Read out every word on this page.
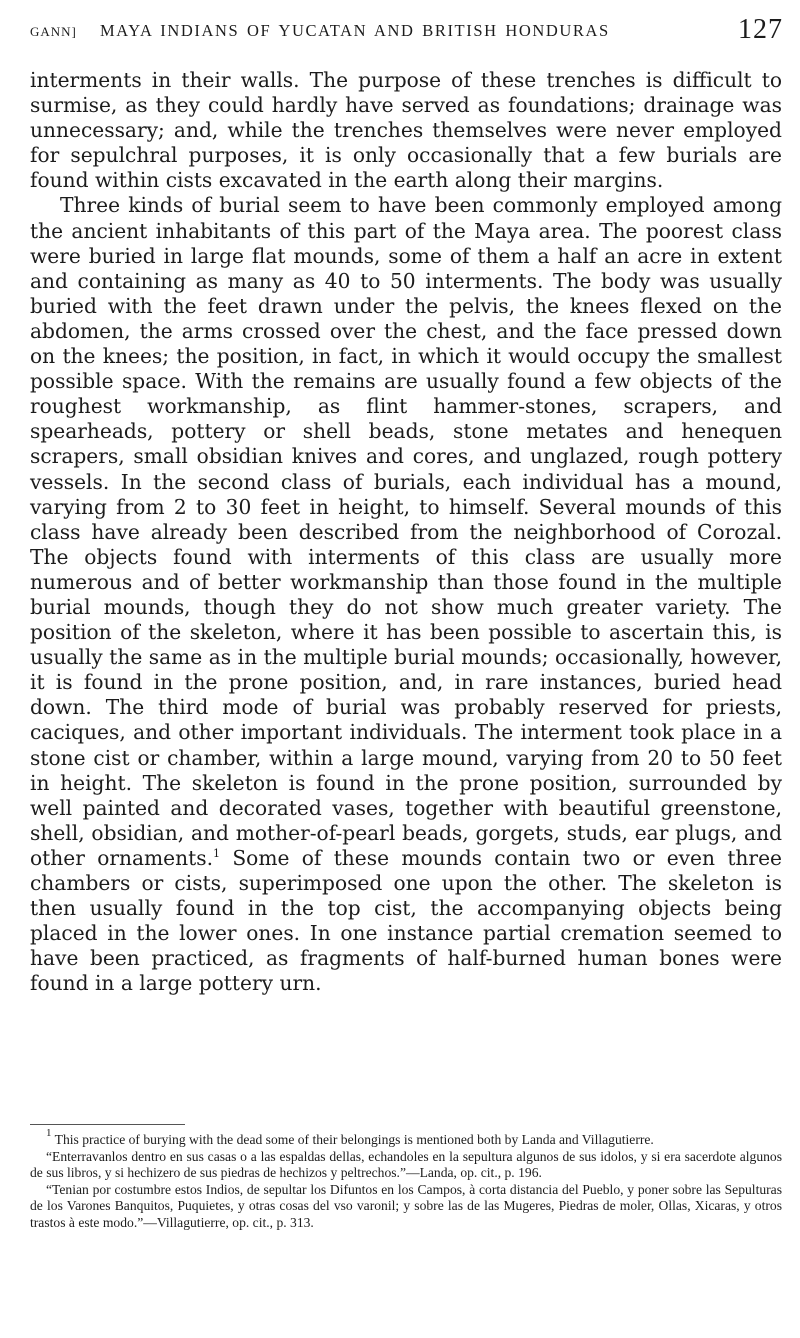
GANN] MAYA INDIANS OF YUCATAN AND BRITISH HONDURAS	127

interments in their walls. The purpose of these trenches is difficult to surmise, as they could hardly have served as foundations; drainage was unnecessary; and, while the trenches themselves were never employed for sepulchral purposes, it is only occasionally that a few burials are found within cists excavated in the earth along their margins.

Three kinds of burial seem to have been commonly employed among the ancient inhabitants of this part of the Maya area. The poorest class were buried in large flat mounds, some of them a half an acre in extent and containing as many as 40 to 50 interments. The body was usually buried with the feet drawn under the pelvis, the knees flexed on the abdomen, the arms crossed over the chest, and the face pressed down on the knees; the position, in fact, in which it would occupy the smallest possible space. With the remains are usually found a few objects of the roughest workmanship, as flint hammer-stones, scrapers, and spearheads, pottery or shell beads, stone metates and henequen scrapers, small obsidian knives and cores, and unglazed, rough pottery vessels. In the second class of burials, each individual has a mound, varying from 2 to 30 feet in height, to himself. Several mounds of this class have already been described from the neighborhood of Corozal. The objects found with interments of this class are usually more numerous and of better workmanship than those found in the multiple burial mounds, though they do not show much greater variety. The position of the skeleton, where it has been possible to ascertain this, is usually the same as in the multiple burial mounds; occasionally, however, it is found in the prone position, and, in rare instances, buried head down. The third mode of burial was probably reserved for priests, caciques, and other important individuals. The interment took place in a stone cist or chamber, within a large mound, varying from 20 to 50 feet in height. The skeleton is found in the prone position, surrounded by well painted and decorated vases, together with beautiful greenstone, shell, obsidian, and mother-of-pearl beads, gorgets, studs, ear plugs, and other ornaments.$^1$ Some of these mounds contain two or even three chambers or cists, superimposed one upon the other. The skeleton is then usually found in the top cist, the accompanying objects being placed in the lower ones. In one instance partial cremation seemed to have been practiced, as fragments of half-burned human bones were found in a large pottery urn.

$^1$ This practice of burying with the dead some of their belongings is mentioned both by Landa and Villagutierre.

“Enterravanlos dentro en sus casas o a las espaldas dellas, echandoles en la sepultura algunos de sus idolos, y si era sacerdote algunos de sus libros, y si hechizero de sus piedras de hechizos y peltrechos.”—Landa, op. cit., p. 196.

“Tenian por costumbre estos Indios, de sepultar los Difuntos en los Campos, à corta distancia del Pueblo, y poner sobre las Sepulturas de los Varones Banquitos, Puquietes, y otras cosas del vso varonil; y sobre las de las Mugeres, Piedras de moler, Ollas, Xicaras, y otros trastos à este modo.”—Villagutierre, op. cit., p. 313.
